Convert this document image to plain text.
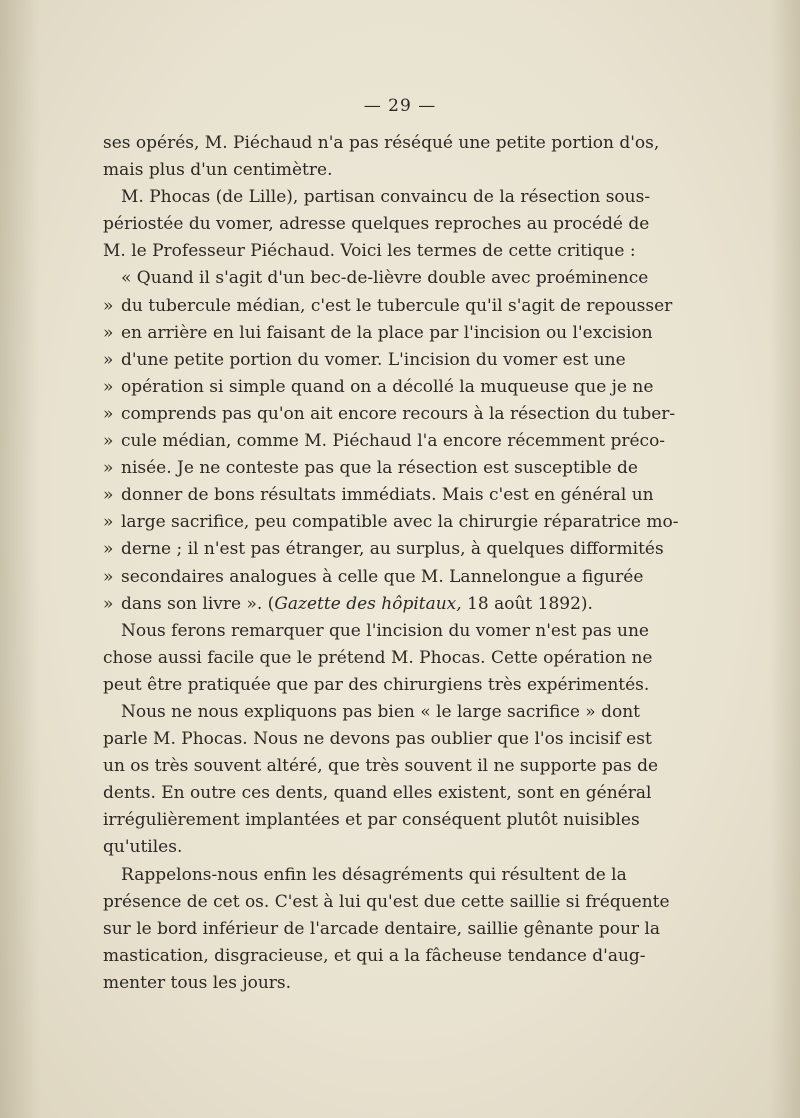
— 29 —
ses opérés, M. Piéchaud n'a pas réséqué une petite portion d'os,
mais plus d'un centimètre.
M. Phocas (de Lille), partisan convaincu de la résection sous-
périostée du vomer, adresse quelques reproches au procédé de
M. le Professeur Piéchaud. Voici les termes de cette critique :
« Quand il s'agit d'un bec-de-lièvre double avec proéminence
» du tubercule médian, c'est le tubercule qu'il s'agit de repousser
» en arrière en lui faisant de la place par l'incision ou l'excision
» d'une petite portion du vomer. L'incision du vomer est une
» opération si simple quand on a décollé la muqueuse que je ne
» comprends pas qu'on ait encore recours à la résection du tuber-
» cule médian, comme M. Piéchaud l'a encore récemment préco-
» nisée. Je ne conteste pas que la résection est susceptible de
» donner de bons résultats immédiats. Mais c'est en général un
» large sacrifice, peu compatible avec la chirurgie réparatrice mo-
» derne ; il n'est pas étranger, au surplus, à quelques difformités
» secondaires analogues à celle que M. Lannelongue a figurée
» dans son livre ». (Gazette des hôpitaux, 18 août 1892).
Nous ferons remarquer que l'incision du vomer n'est pas une
chose aussi facile que le prétend M. Phocas. Cette opération ne
peut être pratiquée que par des chirurgiens très expérimentés.
Nous ne nous expliquons pas bien « le large sacrifice » dont
parle M. Phocas. Nous ne devons pas oublier que l'os incisif est
un os très souvent altéré, que très souvent il ne supporte pas de
dents. En outre ces dents, quand elles existent, sont en général
irrégulièrement implantées et par conséquent plutôt nuisibles
qu'utiles.
Rappelons-nous enfin les désagréments qui résultent de la
présence de cet os. C'est à lui qu'est due cette saillie si fréquente
sur le bord inférieur de l'arcade dentaire, saillie gênante pour la
mastication, disgracieuse, et qui a la fâcheuse tendance d'aug-
menter tous les jours.
